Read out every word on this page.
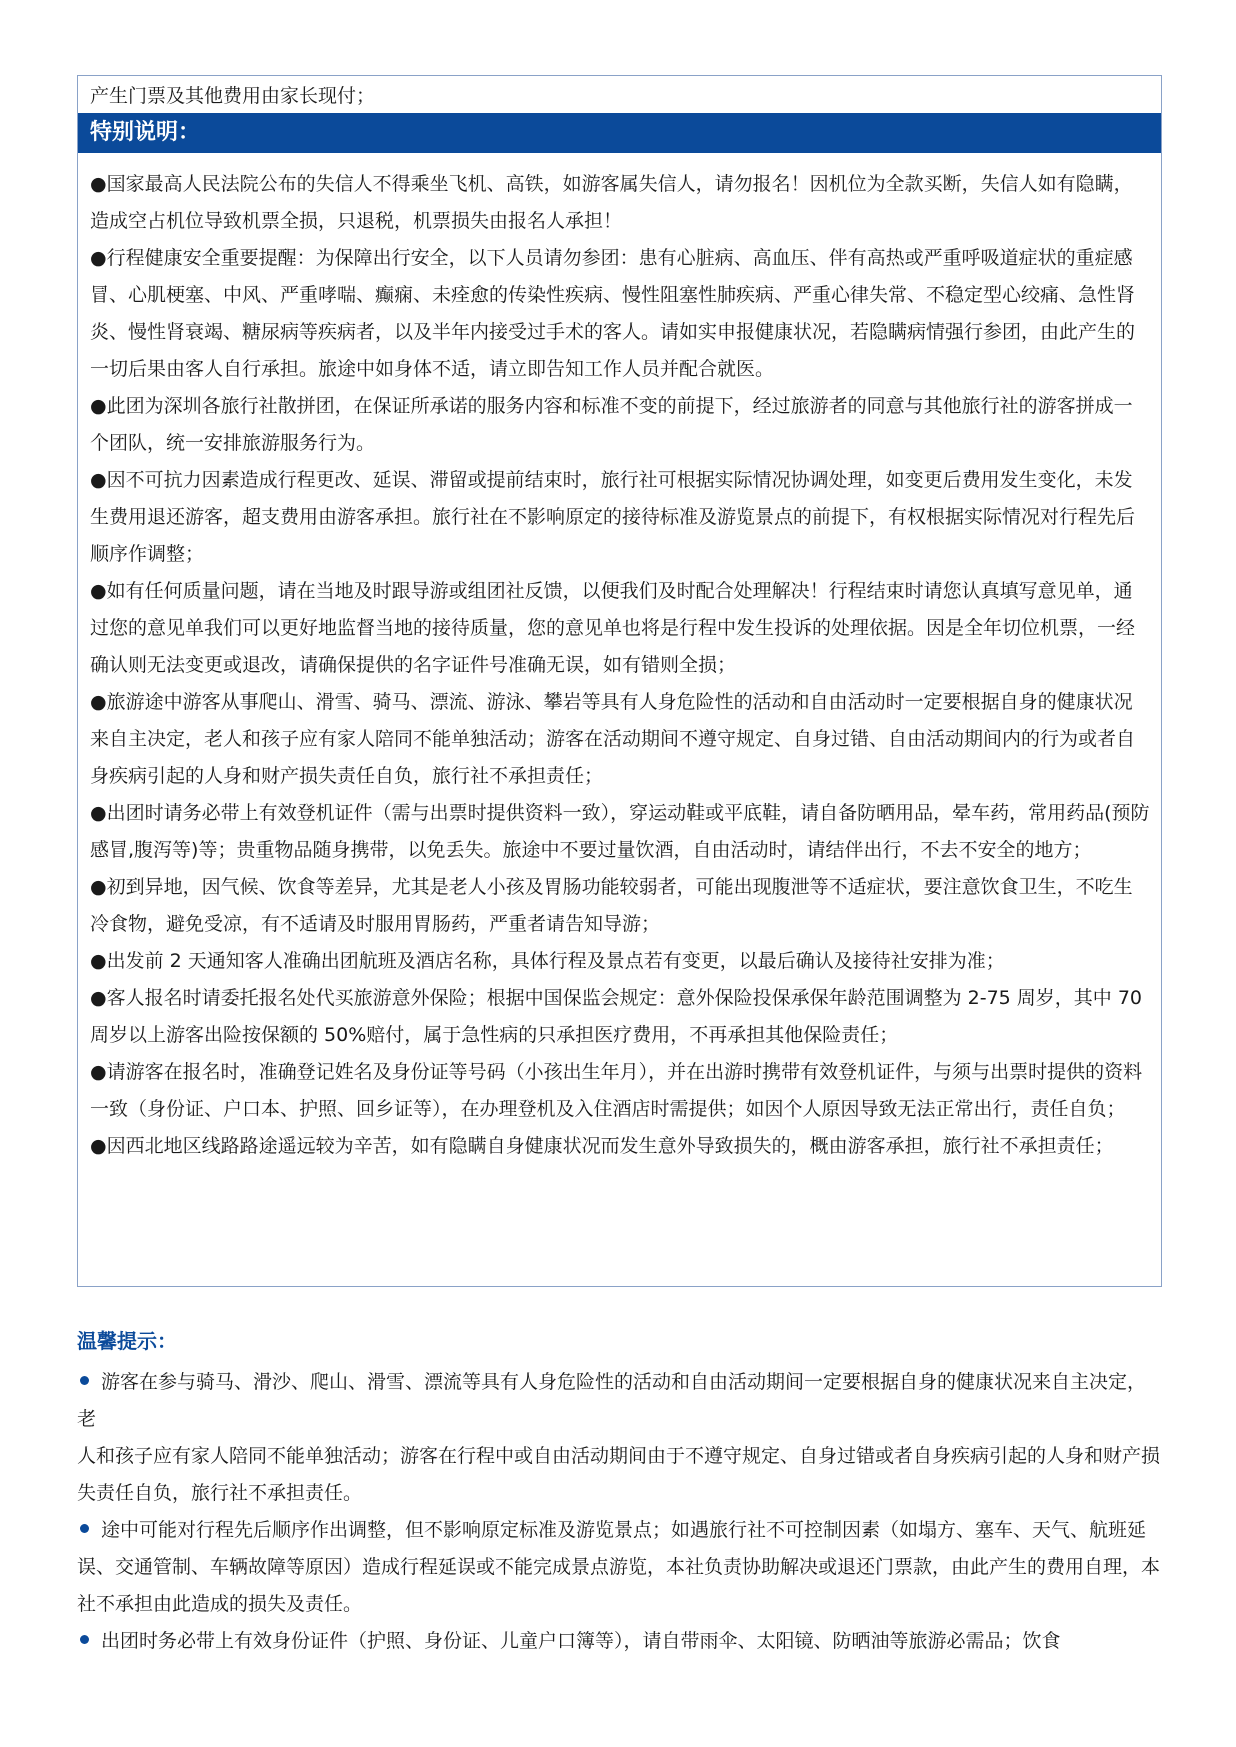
产生门票及其他费用由家长现付；
特别说明：

●国家最高人民法院公布的失信人不得乘坐飞机、高铁，如游客属失信人，请勿报名！因机位为全款买断，失信人如有隐瞒，造成空占机位导致机票全损，只退税，机票损失由报名人承担！

●行程健康安全重要提醒：为保障出行安全，以下人员请勿参团：患有心脏病、高血压、伴有高热或严重呼吸道症状的重症感冒、心肌梗塞、中风、严重哮喘、癫痫、未痊愈的传染性疾病、慢性阻塞性肺疾病、严重心律失常、不稳定型心绞痛、急性肾炎、慢性肾衰竭、糖尿病等疾病者，以及半年内接受过手术的客人。请如实申报健康状况，若隐瞒病情强行参团，由此产生的一切后果由客人自行承担。旅途中如身体不适，请立即告知工作人员并配合就医。

●此团为深圳各旅行社散拼团，在保证所承诺的服务内容和标准不变的前提下，经过旅游者的同意与其他旅行社的游客拼成一个团队，统一安排旅游服务行为。

●因不可抗力因素造成行程更改、延误、滞留或提前结束时，旅行社可根据实际情况协调处理，如变更后费用发生变化，未发生费用退还游客，超支费用由游客承担。旅行社在不影响原定的接待标准及游览景点的前提下，有权根据实际情况对行程先后顺序作调整；

●如有任何质量问题，请在当地及时跟导游或组团社反馈，以便我们及时配合处理解决！行程结束时请您认真填写意见单，通过您的意见单我们可以更好地监督当地的接待质量，您的意见单也将是行程中发生投诉的处理依据。因是全年切位机票，一经确认则无法变更或退改，请确保提供的名字证件号准确无误，如有错则全损；

●旅游途中游客从事爬山、滑雪、骑马、漂流、游泳、攀岩等具有人身危险性的活动和自由活动时一定要根据自身的健康状况来自主决定，老人和孩子应有家人陪同不能单独活动；游客在活动期间不遵守规定、自身过错、自由活动期间内的行为或者自身疾病引起的人身和财产损失责任自负，旅行社不承担责任；

●出团时请务必带上有效登机证件（需与出票时提供资料一致），穿运动鞋或平底鞋，请自备防晒用品，晕车药，常用药品(预防感冒,腹泻等)等；贵重物品随身携带，以免丢失。旅途中不要过量饮酒，自由活动时，请结伴出行，不去不安全的地方；

●初到异地，因气候、饮食等差异，尤其是老人小孩及胃肠功能较弱者，可能出现腹泄等不适症状，要注意饮食卫生，不吃生冷食物，避免受凉，有不适请及时服用胃肠药，严重者请告知导游；

●出发前 2 天通知客人准确出团航班及酒店名称，具体行程及景点若有变更，以最后确认及接待社安排为准；

●客人报名时请委托报名处代买旅游意外保险；根据中国保监会规定：意外保险投保承保年龄范围调整为 2-75 周岁，其中 70 周岁以上游客出险按保额的 50%赔付，属于急性病的只承担医疗费用，不再承担其他保险责任；

●请游客在报名时，准确登记姓名及身份证等号码（小孩出生年月），并在出游时携带有效登机证件，与须与出票时提供的资料一致（身份证、户口本、护照、回乡证等），在办理登机及入住酒店时需提供；如因个人原因导致无法正常出行，责任自负；

●因西北地区线路路途遥远较为辛苦，如有隐瞒自身健康状况而发生意外导致损失的，概由游客承担，旅行社不承担责任；

温馨提示：

游客在参与骑马、滑沙、爬山、滑雪、漂流等具有人身危险性的活动和自由活动期间一定要根据自身的健康状况来自主决定，老

人和孩子应有家人陪同不能单独活动；游客在行程中或自由活动期间由于不遵守规定、自身过错或者自身疾病引起的人身和财产损失责任自负，旅行社不承担责任。

途中可能对行程先后顺序作出调整，但不影响原定标准及游览景点；如遇旅行社不可控制因素（如塌方、塞车、天气、航班延误、交通管制、车辆故障等原因）造成行程延误或不能完成景点游览，本社负责协助解决或退还门票款，由此产生的费用自理，本社不承担由此造成的损失及责任。

出团时务必带上有效身份证件（护照、身份证、儿童户口簿等），请自带雨伞、太阳镜、防晒油等旅游必需品；饮食
